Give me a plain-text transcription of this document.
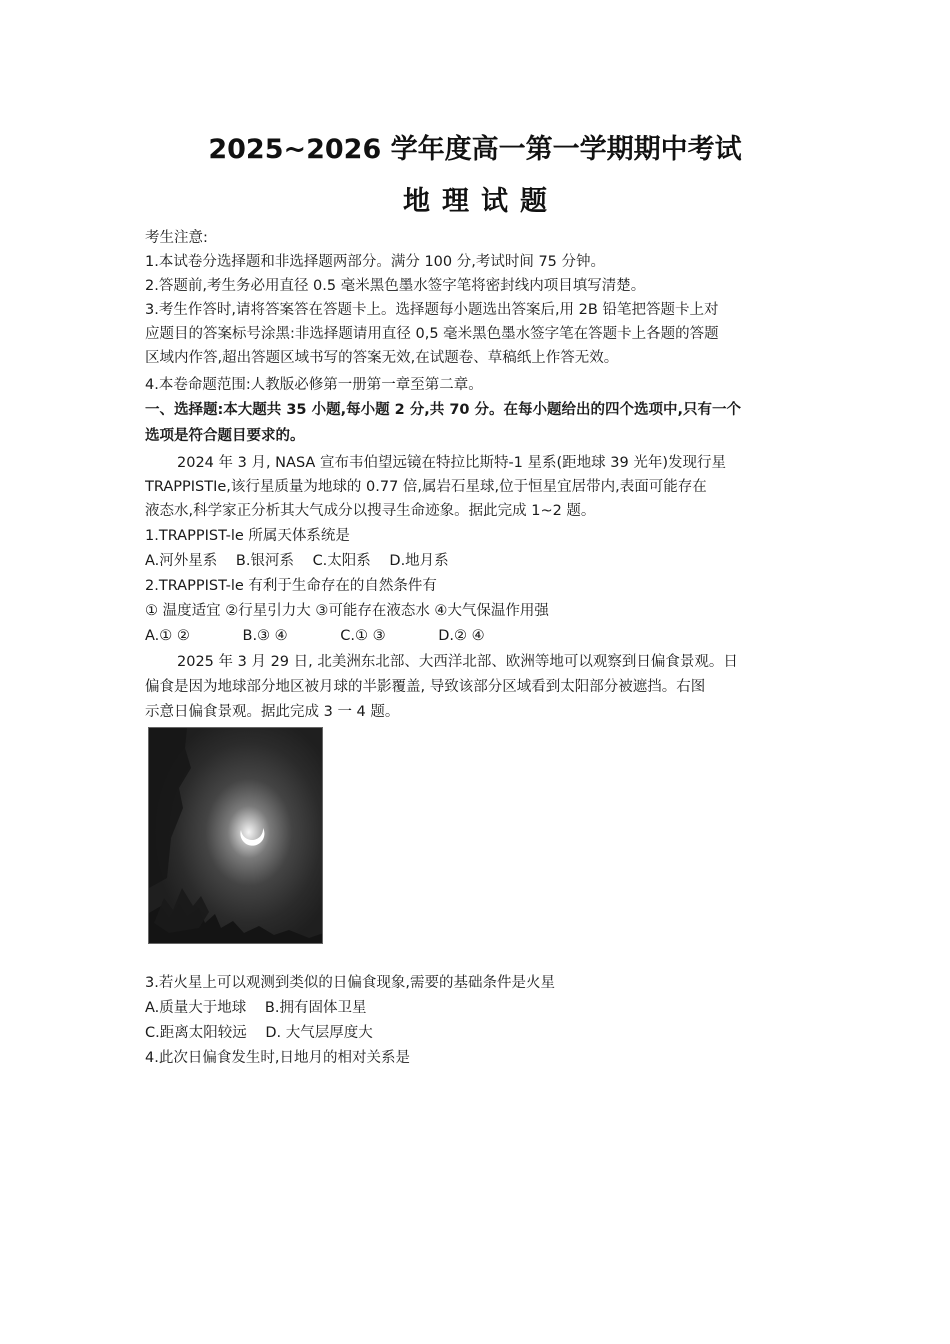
2025~2026 学年度高一第一学期期中考试
地理试题
考生注意:
1.本试卷分选择题和非选择题两部分。满分 100 分,考试时间 75 分钟。
2.答题前,考生务必用直径 0.5 毫米黑色墨水签字笔将密封线内项目填写清楚。
3.考生作答时,请将答案答在答题卡上。选择题每小题选出答案后,用 2B 铅笔把答题卡上对
应题目的答案标号涂黑:非选择题请用直径 0,5 毫米黑色墨水签字笔在答题卡上各题的答题
区域内作答,超出答题区域书写的答案无效,在试题卷、草稿纸上作答无效。
4.本卷命题范围:人教版必修第一册第一章至第二章。
一、选择题:本大题共 35 小题,每小题 2 分,共 70 分。在每小题给出的四个选项中,只有一个
选项是符合题目要求的。
2024 年 3 月, NASA 宣布韦伯望远镜在特拉比斯特-1 星系(距地球 39 光年)发现行星
TRAPPISTIe,该行星质量为地球的 0.77 倍,属岩石星球,位于恒星宜居带内,表面可能存在
液态水,科学家正分析其大气成分以搜寻生命迹象。据此完成 1~2 题。
1.TRAPPIST-le 所属天体系统是
A.河外星系 B.银河系 C.太阳系 D.地月系
2.TRAPPIST-le 有利于生命存在的自然条件有
① 温度适宜 ②行星引力大 ③可能存在液态水 ④大气保温作用强
A.① ②	B.③ ④	C.① ③	D.② ④
2025 年 3 月 29 日, 北美洲东北部、大西洋北部、欧洲等地可以观察到日偏食景观。日
偏食是因为地球部分地区被月球的半影覆盖, 导致该部分区域看到太阳部分被遮挡。右图
示意日偏食景观。据此完成 3 一 4 题。
3.若火星上可以观测到类似的日偏食现象,需要的基础条件是火星
A.质量大于地球 B.拥有固体卫星
C.距离太阳较远 D. 大气层厚度大
4.此次日偏食发生时,日地月的相对关系是
